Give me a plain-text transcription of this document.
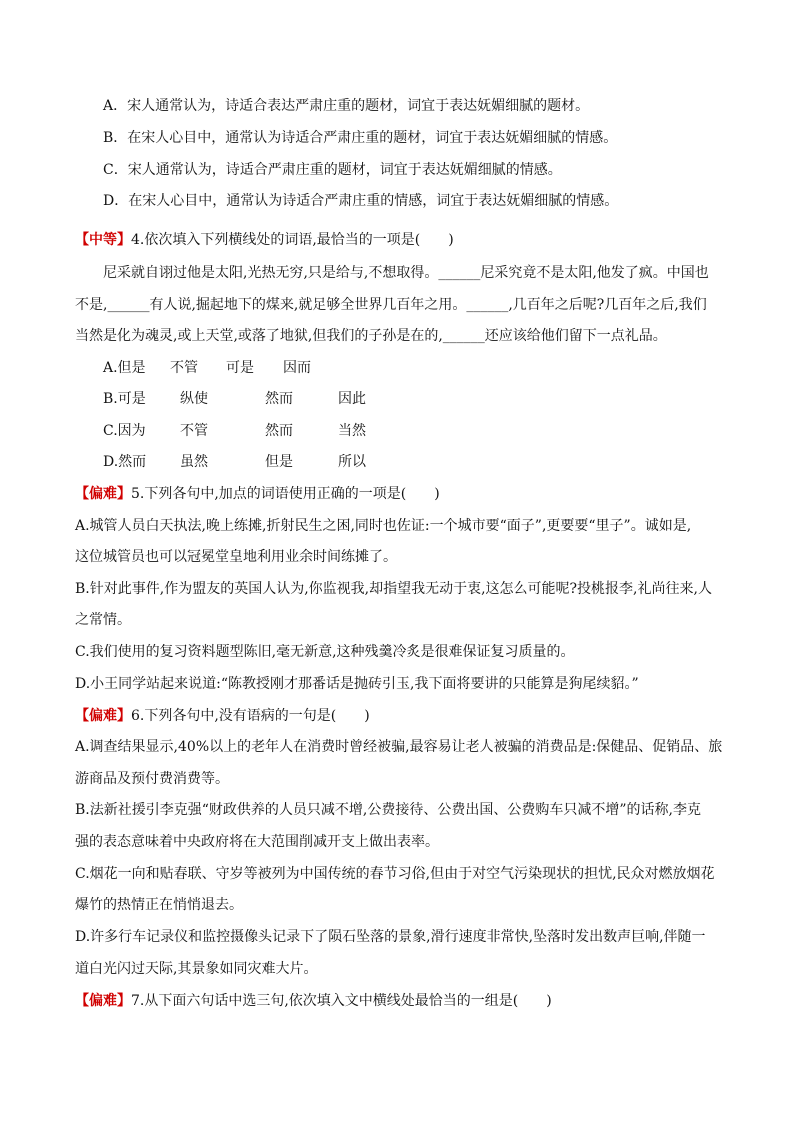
A．宋人通常认为，诗适合表达严肃庄重的题材，词宜于表达妩媚细腻的题材。
B．在宋人心目中，通常认为诗适合严肃庄重的题材，词宜于表达妩媚细腻的情感。
C．宋人通常认为，诗适合严肃庄重的题材，词宜于表达妩媚细腻的情感。
D．在宋人心目中，通常认为诗适合严肃庄重的情感，词宜于表达妩媚细腻的情感。
【中等】4.依次填入下列横线处的词语,最恰当的一项是(　　)
尼采就自诩过他是太阳,光热无穷,只是给与,不想取得。______尼采究竟不是太阳,他发了疯。中国也
不是,______有人说,掘起地下的煤来,就足够全世界几百年之用。______,几百年之后呢?几百年之后,我们
当然是化为魂灵,或上天堂,或落了地狱,但我们的子孙是在的,______还应该给他们留下一点礼品。
A.但是 不管 可是 因而
B.可是 纵使	然而	因此
C.因为 不管	然而	当然
D.然而 虽然	但是	所以
【偏难】5.下列各句中,加点的词语使用正确的一项是(　　)
A.城管人员白天执法,晚上练摊,折射民生之困,同时也佐证:一个城市要“面子”,更要要“里子”。诚如是,
这位城管员也可以冠冕堂皇地利用业余时间练摊了。
B.针对此事件,作为盟友的英国人认为,你监视我,却指望我无动于衷,这怎么可能呢?投桃报李,礼尚往来,人
之常情。
C.我们使用的复习资料题型陈旧,毫无新意,这种残羹冷炙是很难保证复习质量的。
D.小王同学站起来说道:“陈教授刚才那番话是抛砖引玉,我下面将要讲的只能算是狗尾续貂。”
【偏难】6.下列各句中,没有语病的一句是(　　)
A.调查结果显示,40%以上的老年人在消费时曾经被骗,最容易让老人被骗的消费品是:保健品、促销品、旅
游商品及预付费消费等。
B.法新社援引李克强“财政供养的人员只减不增,公费接待、公费出国、公费购车只减不增”的话称,李克
强的表态意味着中央政府将在大范围削减开支上做出表率。
C.烟花一向和贴春联、守岁等被列为中国传统的春节习俗,但由于对空气污染现状的担忧,民众对燃放烟花
爆竹的热情正在悄悄退去。
D.许多行车记录仪和监控摄像头记录下了陨石坠落的景象,滑行速度非常快,坠落时发出数声巨响,伴随一
道白光闪过天际,其景象如同灾难大片。
【偏难】7.从下面六句话中选三句,依次填入文中横线处最恰当的一组是(　　)
